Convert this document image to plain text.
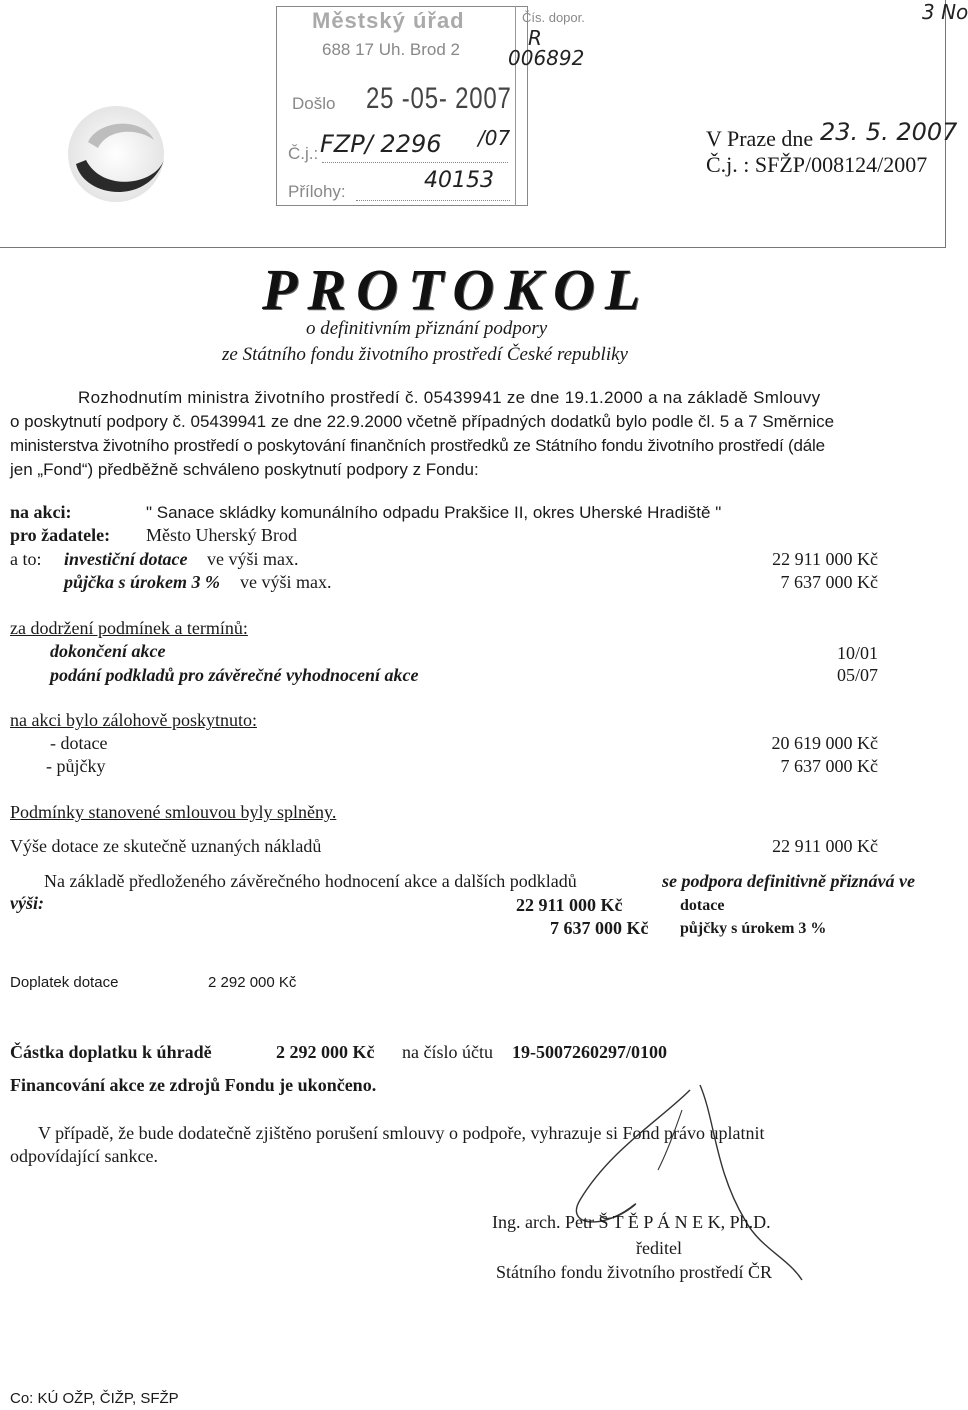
Městský úřad
688 17 Uh. Brod 2
Čís. dopor.
R
006892
Došlo 25 -05- 2007
Č.j.: FZP/ 2296 /07
Přílohy:	40153
3 No
V Praze dne 23. 5. 2007
Č.j. : SFŽP/008124/2007
PROTOKOL
o definitivním přiznání podpory
ze Státního fondu životního prostředí České republiky
Rozhodnutím ministra životního prostředí č. 05439941 ze dne 19.1.2000 a na základě Smlouvy
o poskytnutí podpory č. 05439941 ze dne 22.9.2000 včetně případných dodatků bylo podle čl. 5 a 7 Směrnice
ministerstva životního prostředí o poskytování finančních prostředků ze Státního fondu životního prostředí (dále
jen „Fond“) předběžně schváleno poskytnutí podpory z Fondu:
na akci:	" Sanace skládky komunálního odpadu Prakšice II, okres Uherské Hradiště "
pro žadatele: Město Uherský Brod
a to: investiční dotace ve výši max.	22 911 000 Kč
půjčka s úrokem 3 % ve výši max.	7 637 000 Kč
za dodržení podmínek a termínů:
dokončení akce	10/01
podání podkladů pro závěrečné vyhodnocení akce	05/07
na akci bylo zálohově poskytnuto:
- dotace	20 619 000 Kč
- půjčky	7 637 000 Kč
Podmínky stanovené smlouvou byly splněny.
Výše dotace ze skutečně uznaných nákladů	22 911 000 Kč
Na základě předloženého závěrečného hodnocení akce a dalších podkladů	se podpora definitivně přiznává ve
výši:	22 911 000 Kč	dotace
7 637 000 Kč půjčky s úrokem 3 %
Doplatek dotace	2 292 000 Kč
Částka doplatku k úhradě	2 292 000 Kč na číslo účtu 19-5007260297/0100
Financování akce ze zdrojů Fondu je ukončeno.
V případě, že bude dodatečně zjištěno porušení smlouvy o podpoře, vyhrazuje si Fond právo uplatnit
odpovídající sankce.
Ing. arch. Petr Š T Ě P Á N E K, Ph.D.
ředitel
Státního fondu životního prostředí ČR
Co: KÚ OŽP, ČIŽP, SFŽP
